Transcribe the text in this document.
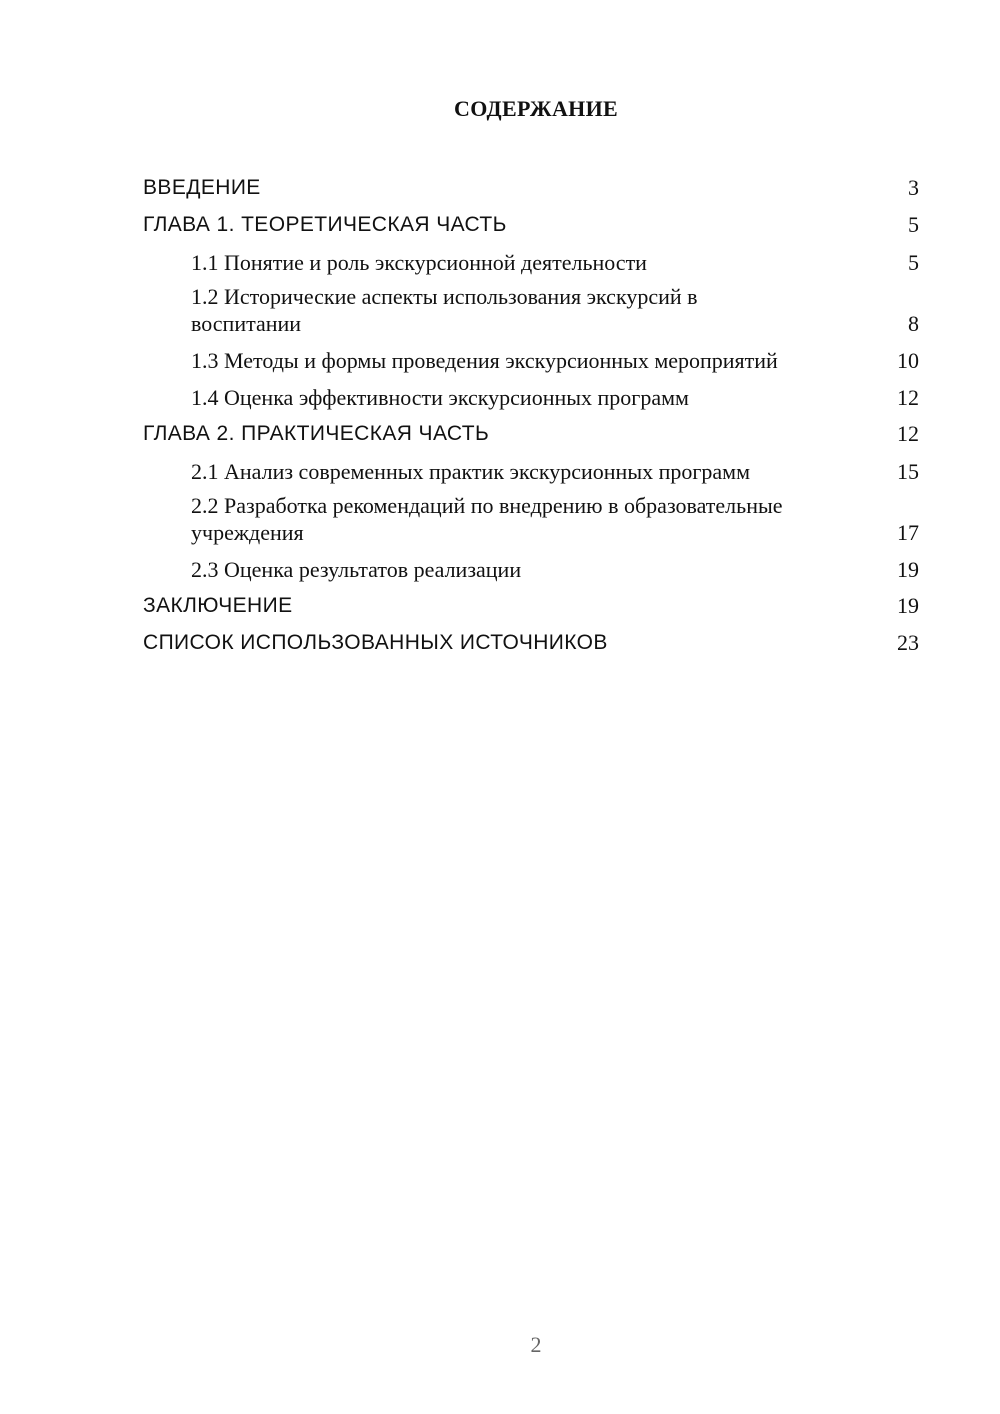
СОДЕРЖАНИЕ
ВВЕДЕНИЕ	3
ГЛАВА 1. ТЕОРЕТИЧЕСКАЯ ЧАСТЬ	5
1.1 Понятие и роль экскурсионной деятельности	5
1.2 Исторические аспекты использования экскурсий в воспитании	8
1.3 Методы и формы проведения экскурсионных мероприятий	10
1.4 Оценка эффективности экскурсионных программ	12
ГЛАВА 2. ПРАКТИЧЕСКАЯ ЧАСТЬ	12
2.1 Анализ современных практик экскурсионных программ	15
2.2 Разработка рекомендаций по внедрению в образовательные учреждения	17
2.3 Оценка результатов реализации	19
ЗАКЛЮЧЕНИЕ	19
СПИСОК ИСПОЛЬЗОВАННЫХ ИСТОЧНИКОВ	23
2
